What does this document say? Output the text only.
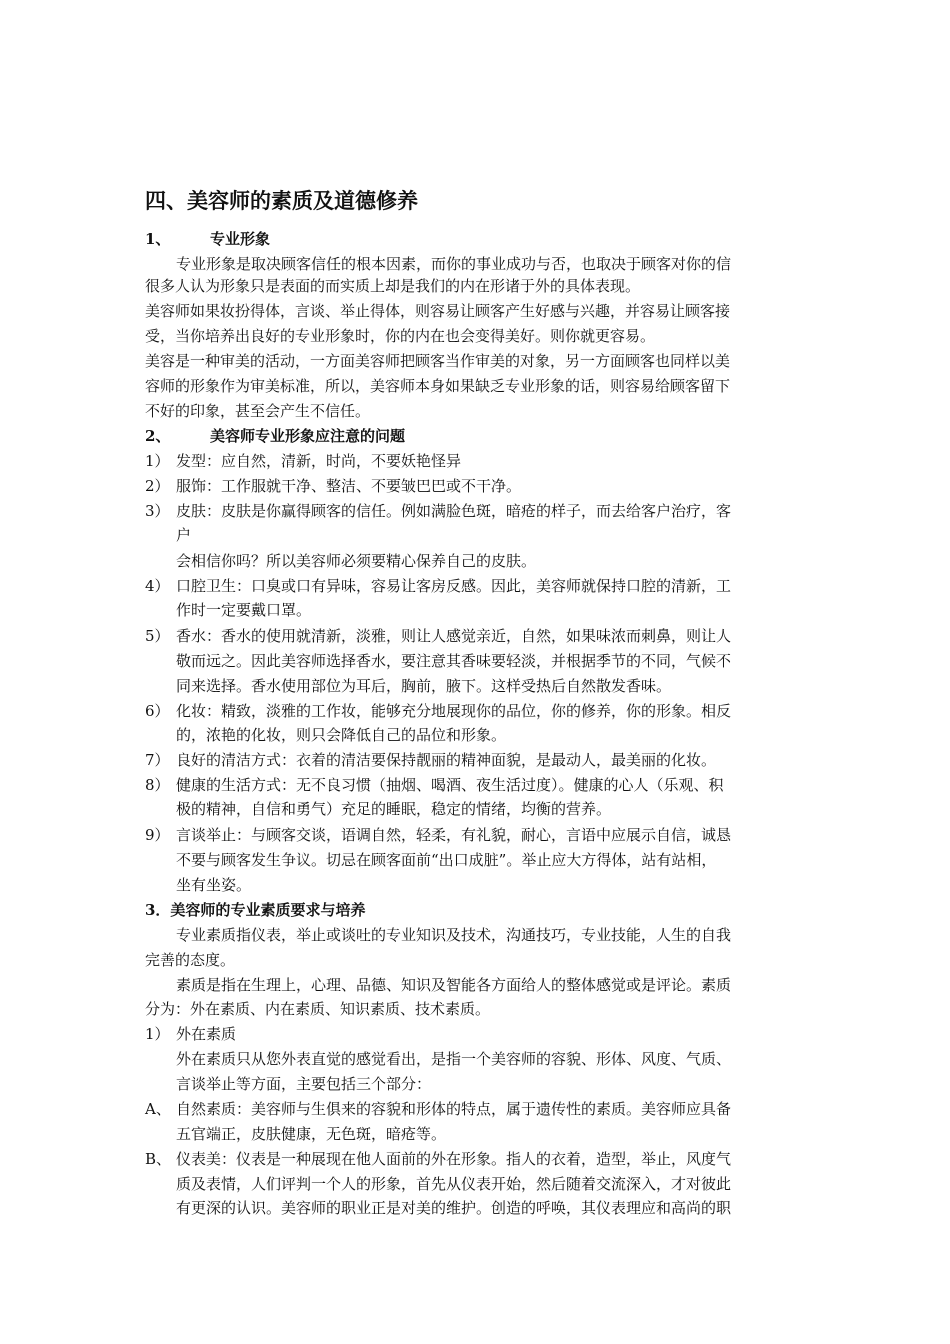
四、美容师的素质及道德修养
1、	专业形象
专业形象是取决顾客信任的根本因素，而你的事业成功与否，也取决于顾客对你的信
很多人认为形象只是表面的而实质上却是我们的内在形诸于外的具体表现。
美容师如果妆扮得体，言谈、举止得体，则容易让顾客产生好感与兴趣，并容易让顾客接
受，当你培养出良好的专业形象时，你的内在也会变得美好。则你就更容易。
美容是一种审美的活动，一方面美容师把顾客当作审美的对象，另一方面顾客也同样以美
容师的形象作为审美标准，所以，美容师本身如果缺乏专业形象的话，则容易给顾客留下
不好的印象，甚至会产生不信任。
2、	美容师专业形象应注意的问题
1） 发型：应自然，清新，时尚，不要妖艳怪异
2） 服饰：工作服就干净、整洁、不要皱巴巴或不干净。
3） 皮肤：皮肤是你赢得顾客的信任。例如满脸色斑，暗疮的样子，而去给客户治疗，客
户
会相信你吗？所以美容师必须要精心保养自己的皮肤。
4） 口腔卫生：口臭或口有异味，容易让客房反感。因此，美容师就保持口腔的清新，工
作时一定要戴口罩。
5） 香水：香水的使用就清新，淡雅，则让人感觉亲近，自然，如果味浓而刺鼻，则让人
敬而远之。因此美容师选择香水，要注意其香味要轻淡，并根据季节的不同，气候不
同来选择。香水使用部位为耳后，胸前，腋下。这样受热后自然散发香味。
6） 化妆：精致，淡雅的工作妆，能够充分地展现你的品位，你的修养，你的形象。相反
的，浓艳的化妆，则只会降低自己的品位和形象。
7） 良好的清洁方式：衣着的清洁要保持靓丽的精神面貌，是最动人，最美丽的化妆。
8） 健康的生活方式：无不良习惯（抽烟、喝酒、夜生活过度）。健康的心人（乐观、积
极的精神，自信和勇气）充足的睡眠，稳定的情绪，均衡的营养。
9） 言谈举止：与顾客交谈，语调自然，轻柔，有礼貌，耐心，言语中应展示自信，诚恳
不要与顾客发生争议。切忌在顾客面前“出口成脏”。举止应大方得体，站有站相，
坐有坐姿。
3．美容师的专业素质要求与培养
专业素质指仪表，举止或谈吐的专业知识及技术，沟通技巧，专业技能，人生的自我
完善的态度。
素质是指在生理上，心理、品德、知识及智能各方面给人的整体感觉或是评论。素质
分为：外在素质、内在素质、知识素质、技术素质。
1） 外在素质
外在素质只从您外表直觉的感觉看出，是指一个美容师的容貌、形体、风度、气质、
言谈举止等方面，主要包括三个部分：
A、 自然素质：美容师与生俱来的容貌和形体的特点，属于遗传性的素质。美容师应具备
五官端正，皮肤健康，无色斑，暗疮等。
B、 仪表美：仪表是一种展现在他人面前的外在形象。指人的衣着，造型，举止，风度气
质及表情，人们评判一个人的形象，首先从仪表开始，然后随着交流深入，才对彼此
有更深的认识。美容师的职业正是对美的维护。创造的呼唤，其仪表理应和高尚的职
